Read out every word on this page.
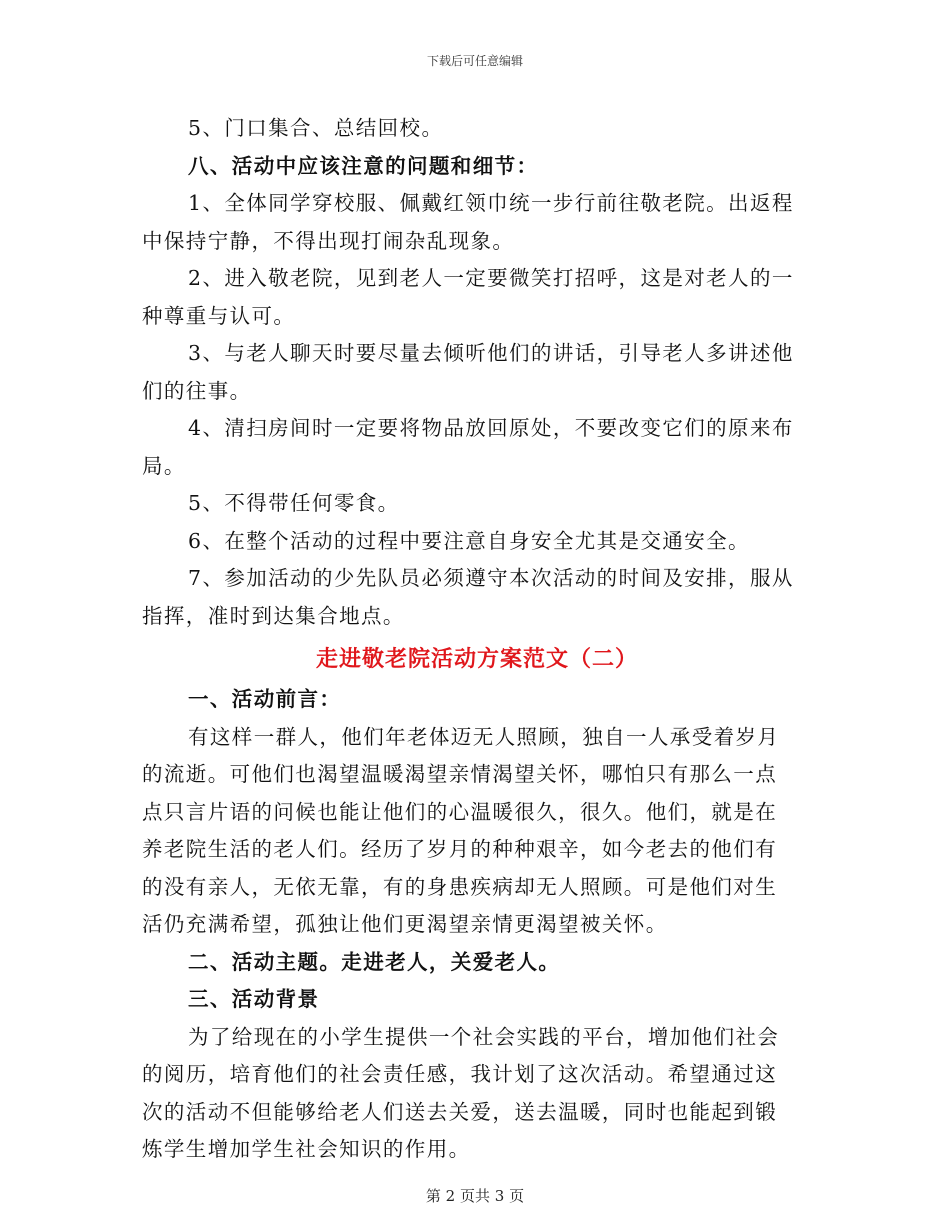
下载后可任意编辑

5、门口集合、总结回校。

八、活动中应该注意的问题和细节：

1、全体同学穿校服、佩戴红领巾统一步行前往敬老院。出返程中保持宁静，不得出现打闹杂乱现象。

2、进入敬老院，见到老人一定要微笑打招呼，这是对老人的一种尊重与认可。

3、与老人聊天时要尽量去倾听他们的讲话，引导老人多讲述他们的往事。

4、清扫房间时一定要将物品放回原处，不要改变它们的原来布局。

5、不得带任何零食。

6、在整个活动的过程中要注意自身安全尤其是交通安全。

7、参加活动的少先队员必须遵守本次活动的时间及安排，服从指挥，准时到达集合地点。

走进敬老院活动方案范文（二）

一、活动前言：

有这样一群人，他们年老体迈无人照顾，独自一人承受着岁月的流逝。可他们也渴望温暖渴望亲情渴望关怀，哪怕只有那么一点点只言片语的问候也能让他们的心温暖很久，很久。他们，就是在养老院生活的老人们。经历了岁月的种种艰辛，如今老去的他们有的没有亲人，无依无靠，有的身患疾病却无人照顾。可是他们对生活仍充满希望，孤独让他们更渴望亲情更渴望被关怀。

二、活动主题。走进老人，关爱老人。

三、活动背景

为了给现在的小学生提供一个社会实践的平台，增加他们社会的阅历，培育他们的社会责任感，我计划了这次活动。希望通过这次的活动不但能够给老人们送去关爱，送去温暖，同时也能起到锻炼学生增加学生社会知识的作用。

第 2 页共 3 页
